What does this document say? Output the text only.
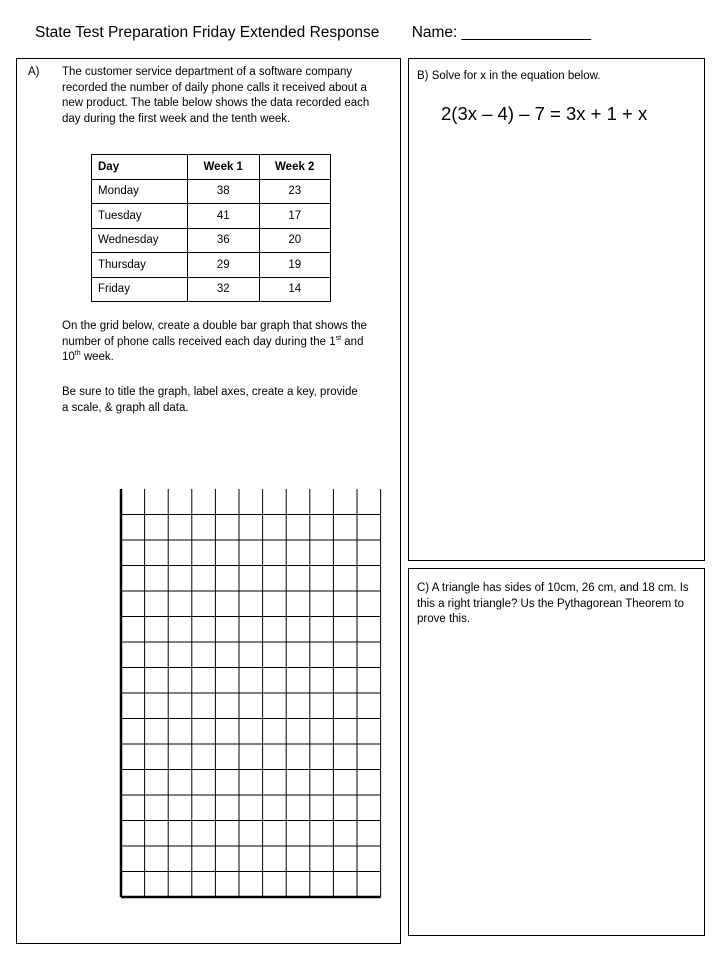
State Test Preparation Friday Extended Response Name: _______________
A) The customer service department of a software company recorded the number of daily phone calls it received about a new product. The table below shows the data recorded each day during the first week and the tenth week.
Day	Week 1	Week 2
Monday	38	23
Tuesday	41	17
Wednesday	36	20
Thursday	29	19
Friday	32	14
On the grid below, create a double bar graph that shows the number of phone calls received each day during the 1st and 10th week.
Be sure to title the graph, label axes, create a key, provide a scale, & graph all data.
B) Solve for x in the equation below.
2(3x – 4) – 7 = 3x + 1 + x
C) A triangle has sides of 10cm, 26 cm, and 18 cm. Is this a right triangle? Us the Pythagorean Theorem to prove this.
